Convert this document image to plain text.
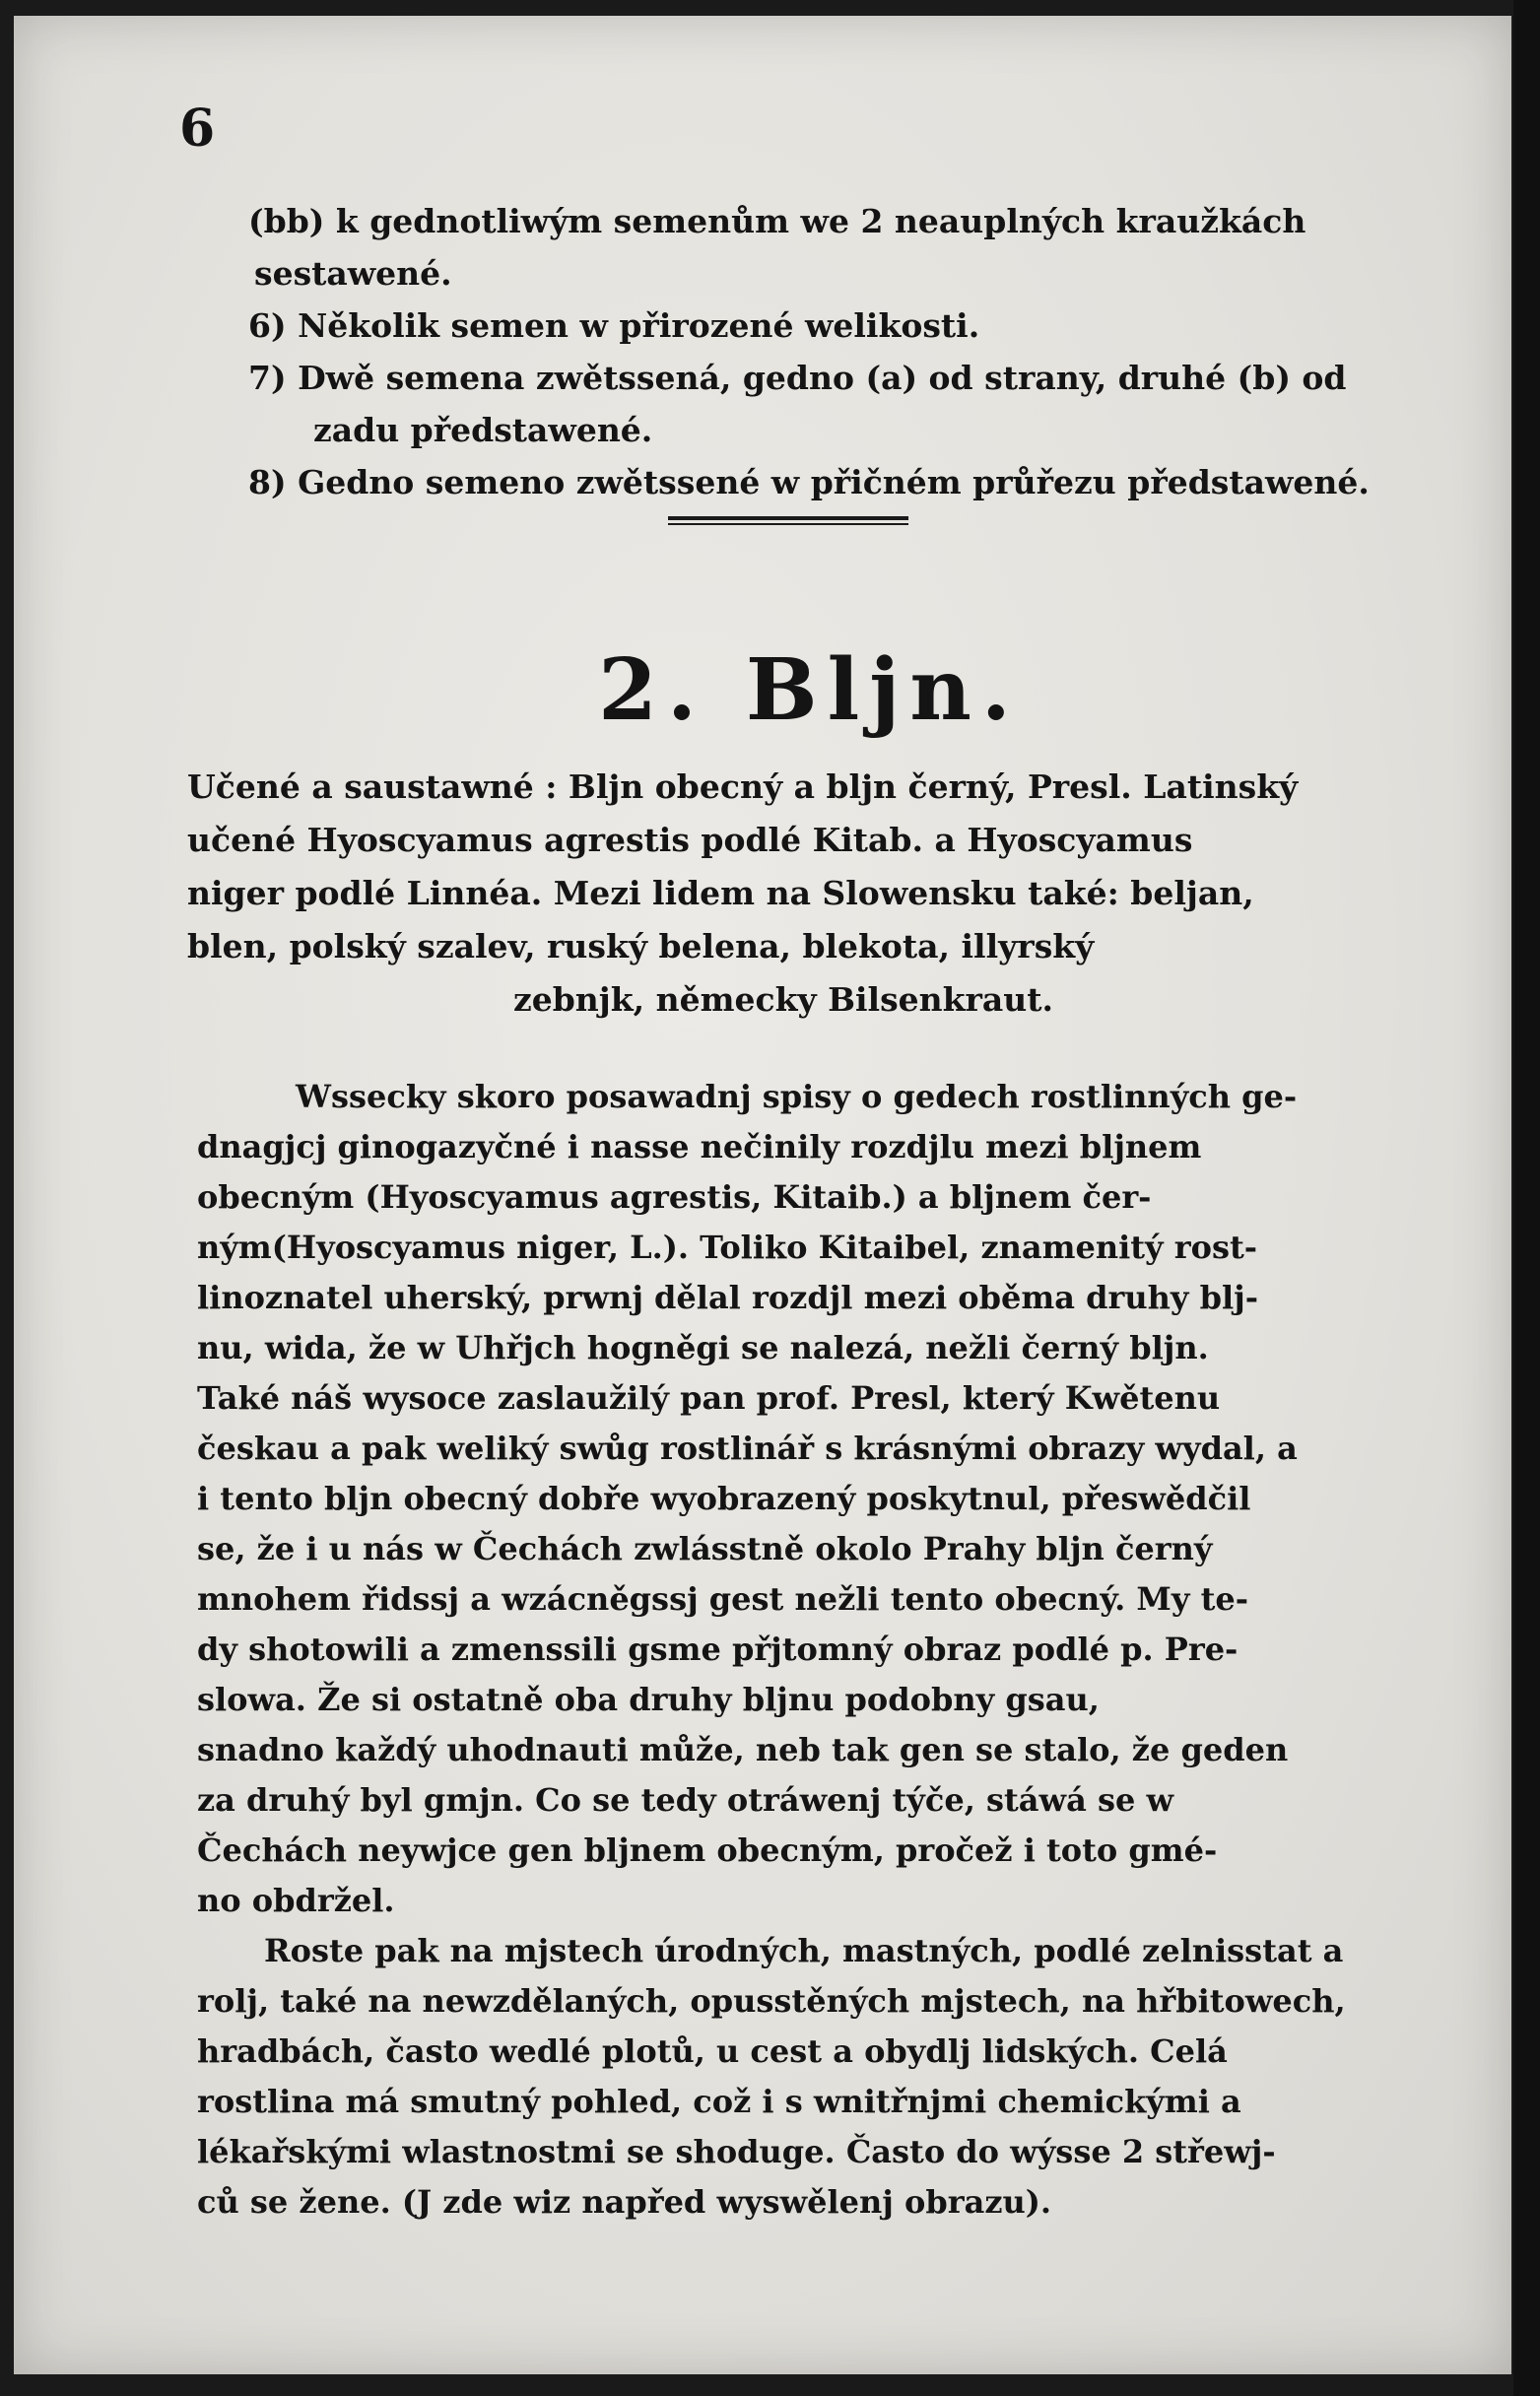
6

(bb) k gednotliwým semenům we 2 neauplných kraužkách

sestawené.

6) Několik semen w přirozené welikosti.

7) Dwě semena zwětssená, gedno (a) od strany, druhé (b) od

zadu předstawené.

8) Gedno semeno zwětssené w přičném průřezu předstawené.

2. Blјn.

Učené a saustawné : Blјn obecný a blјn černý, Presl. Latinský

učené Hyoscyamus agrestis podlé Kitab. a Hyoscyamus

niger podlé Linnéa. Mezi lidem na Slowensku také: beljan,

blen, polský szalev, ruský belena, blekota, illyrský

zebnjk, německy Bilsenkraut.

Wssecky skoro posawadnj spisy o gedech rostlinných ge-

dnagjcj ginogazyčné i nasse nečinily rozdjlu mezi blјnem

obecným (Hyoscyamus agrestis, Kitaib.) a blјnem čer-

ným(Hyoscyamus niger, L.). Toliko Kitaibel, znamenitý rost-

linoznatel uherský, prwnj dělal rozdjl mezi oběma druhy blј-

nu, wida, že w Uhřjch hogněgi se nalezá, nežli černý blјn.

Také náš wysoce zaslaužilý pan prof. Presl, který Kwětenu

českau a pak weliký swůg rostlinář s krásnými obrazy wydal, a

i tento blјn obecný dobře wyobrazený poskytnul, přeswědčil

se, že i u nás w Čechách zwlásstně okolo Prahy blјn černý

mnohem řidssj a wzácněgssj gest nežli tento obecný. My te-

dy shotowili a zmenssili gsme přjtomný obraz podlé p. Pre-

slowa. Že si ostatně oba druhy blјnu podobny gsau,

snadno každý uhodnauti může, neb tak gen se stalo, že geden

za druhý byl gmjn. Co se tedy otráwenj týče, stáwá se w

Čechách neywjce gen blјnem obecným, pročež i toto gmé-

no obdržel.

Roste pak na mjstech úrodných, mastných, podlé zelnisstat a

rolj, také na newzdělaných, opusstěných mjstech, na hřbitowech,

hradbách, často wedlé plotů, u cest a obydlj lidských. Celá

rostlina má smutný pohled, což i s wnitřnjmi chemickými a

lékařskými wlastnostmi se shoduge. Často do wýsse 2 střewj-

ců se žene. (J zde wiz napřed wyswělenj obrazu).
